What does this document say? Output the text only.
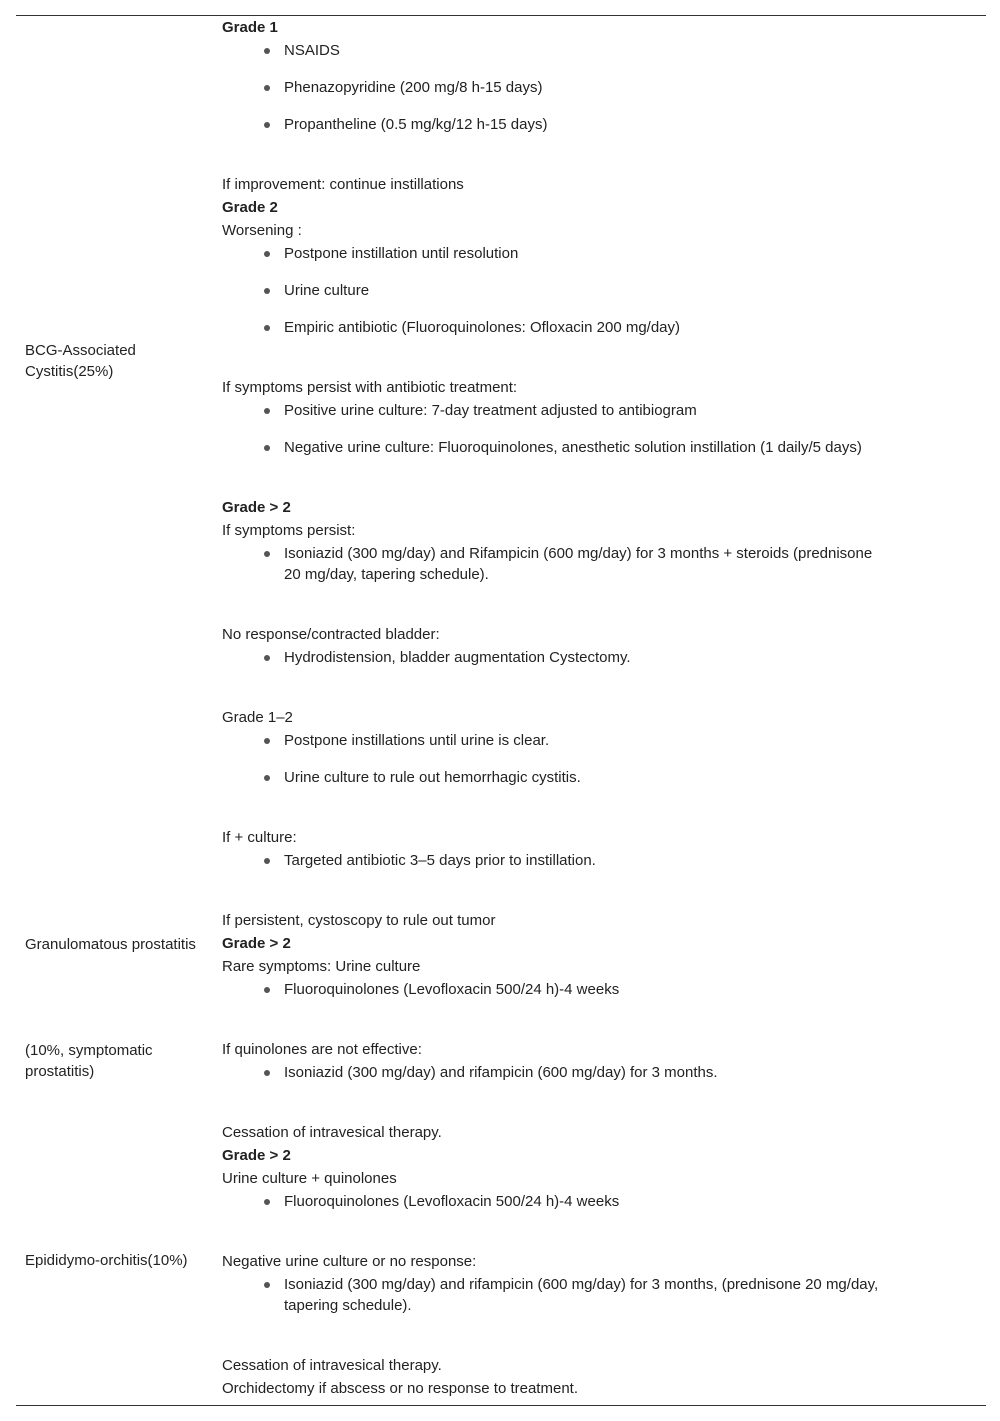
BCG-Associated Cystitis(25%)
Granulomatous prostatitis
(10%, symptomatic prostatitis)
Epididymo-orchitis(10%)
Grade 1
NSAIDS
Phenazopyridine (200 mg/8 h-15 days)
Propantheline (0.5 mg/kg/12 h-15 days)
If improvement: continue instillations
Grade 2
Worsening :
Postpone instillation until resolution
Urine culture
Empiric antibiotic (Fluoroquinolones: Ofloxacin 200 mg/day)
If symptoms persist with antibiotic treatment:
Positive urine culture: 7-day treatment adjusted to antibiogram
Negative urine culture: Fluoroquinolones, anesthetic solution instillation (1 daily/5 days)
Grade > 2
If symptoms persist:
Isoniazid (300 mg/day) and Rifampicin (600 mg/day) for 3 months + steroids (prednisone 20 mg/day, tapering schedule).
No response/contracted bladder:
Hydrodistension, bladder augmentation Cystectomy.
Grade 1–2
Postpone instillations until urine is clear.
Urine culture to rule out hemorrhagic cystitis.
If + culture:
Targeted antibiotic 3–5 days prior to instillation.
If persistent, cystoscopy to rule out tumor
Grade > 2
Rare symptoms: Urine culture
Fluoroquinolones (Levofloxacin 500/24 h)-4 weeks
If quinolones are not effective:
Isoniazid (300 mg/day) and rifampicin (600 mg/day) for 3 months.
Cessation of intravesical therapy.
Grade > 2
Urine culture + quinolones
Fluoroquinolones (Levofloxacin 500/24 h)-4 weeks
Negative urine culture or no response:
Isoniazid (300 mg/day) and rifampicin (600 mg/day) for 3 months, (prednisone 20 mg/day, tapering schedule).
Cessation of intravesical therapy.
Orchidectomy if abscess or no response to treatment.
